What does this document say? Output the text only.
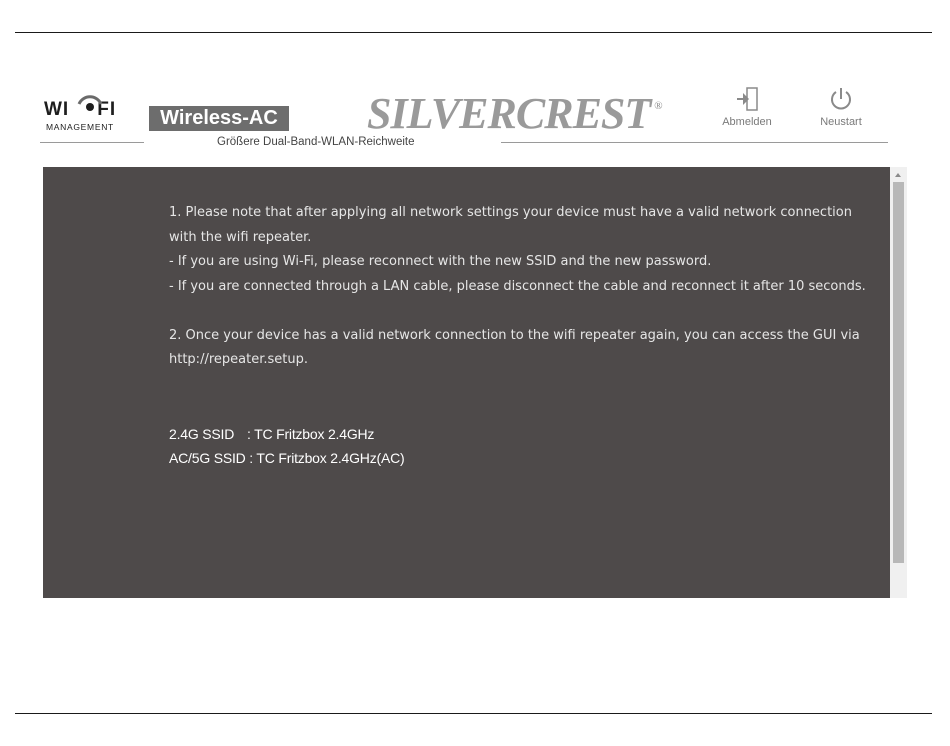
WI FI
MANAGEMENT	Wireless-AC
Größere Dual-Band-WLAN-Reichweite
SILVERCREST ®
Abmelden	Neustart

1. Please note that after applying all network settings your device must have a valid network connection with the wifi repeater.

- If you are using Wi-Fi, please reconnect with the new SSID and the new password.

- If you are connected through a LAN cable, please disconnect the cable and reconnect it after 10 seconds.

2. Once your device has a valid network connection to the wifi repeater again, you can access the GUI via http://repeater.setup.

2.4G SSID : TC Fritzbox 2.4GHz
AC/5G SSID : TC Fritzbox 2.4GHz(AC)
